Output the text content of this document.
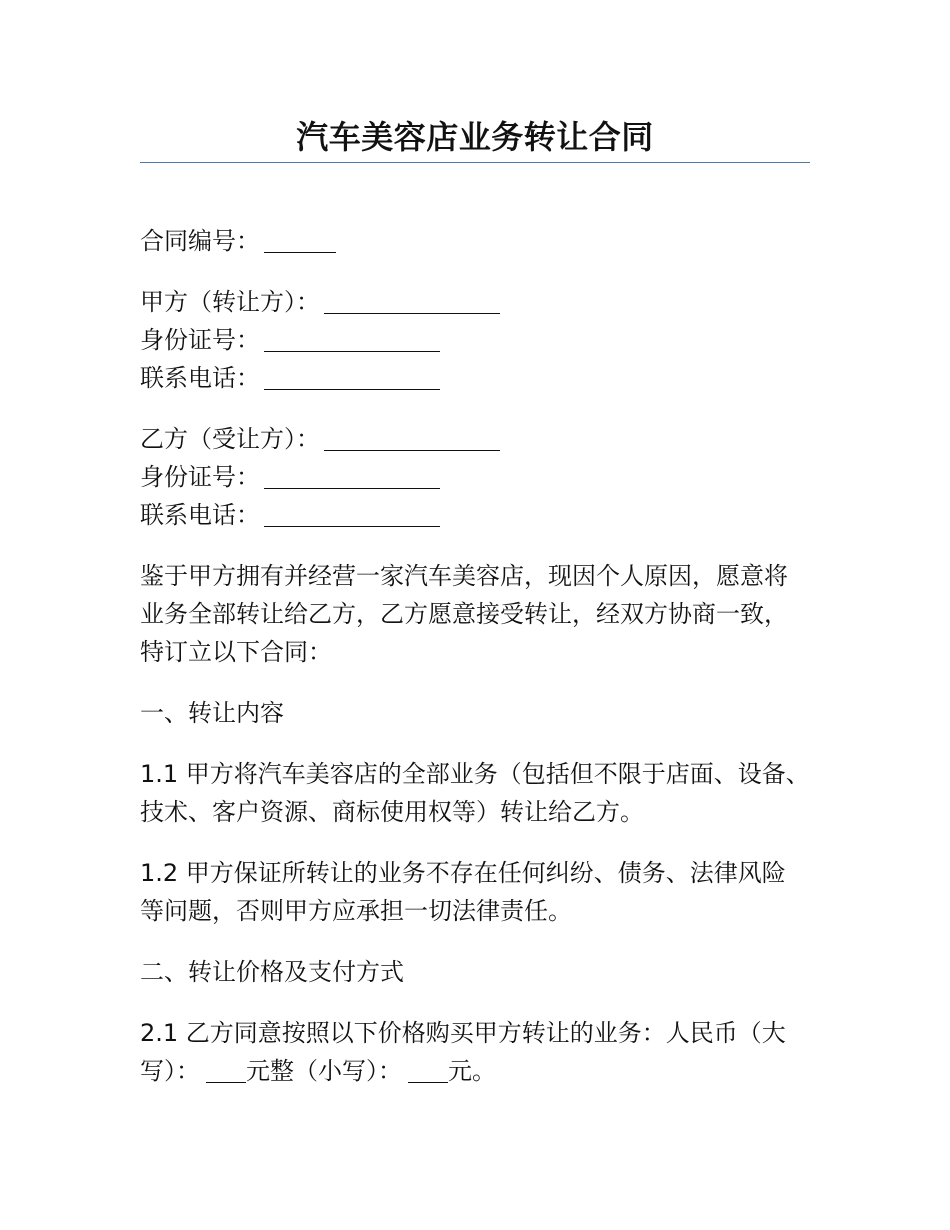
汽车美容店业务转让合同
合同编号：
甲方（转让方）：
身份证号：
联系电话：
乙方（受让方）：
身份证号：
联系电话：
鉴于甲方拥有并经营一家汽车美容店，现因个人原因，愿意将
业务全部转让给乙方，乙方愿意接受转让，经双方协商一致，
特订立以下合同：
一、转让内容
1.1 甲方将汽车美容店的全部业务（包括但不限于店面、设备、
技术、客户资源、商标使用权等）转让给乙方。
1.2 甲方保证所转让的业务不存在任何纠纷、债务、法律风险
等问题，否则甲方应承担一切法律责任。
二、转让价格及支付方式
2.1 乙方同意按照以下价格购买甲方转让的业务：人民币（大
写）： 元整（小写）： 元。
